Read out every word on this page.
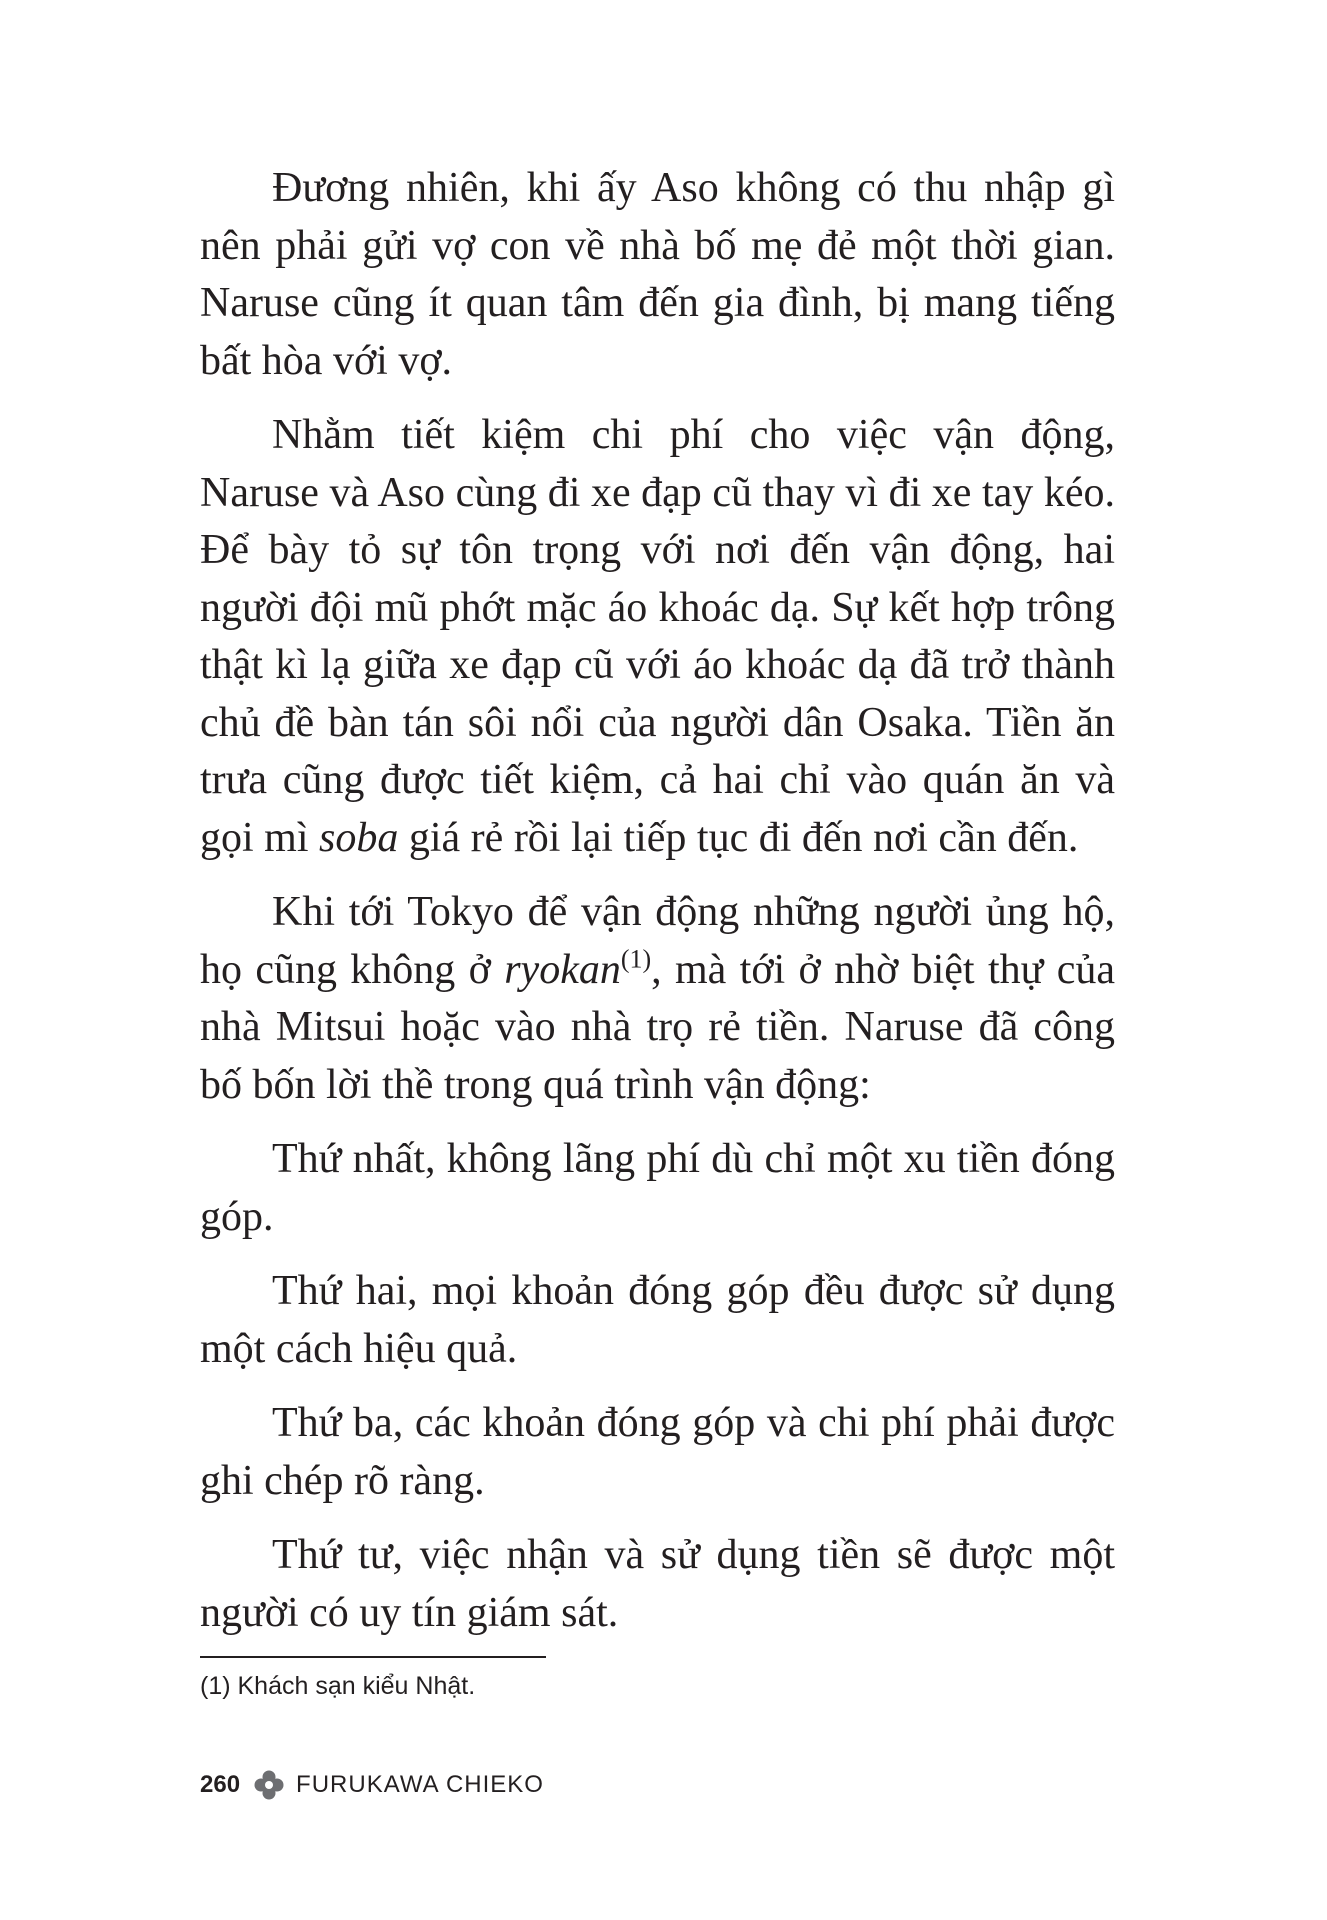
Đương nhiên, khi ấy Aso không có thu nhập gì nên phải gửi vợ con về nhà bố mẹ đẻ một thời gian. Naruse cũng ít quan tâm đến gia đình, bị mang tiếng bất hòa với vợ.

Nhằm tiết kiệm chi phí cho việc vận động, Naruse và Aso cùng đi xe đạp cũ thay vì đi xe tay kéo. Để bày tỏ sự tôn trọng với nơi đến vận động, hai người đội mũ phớt mặc áo khoác dạ. Sự kết hợp trông thật kì lạ giữa xe đạp cũ với áo khoác dạ đã trở thành chủ đề bàn tán sôi nổi của người dân Osaka. Tiền ăn trưa cũng được tiết kiệm, cả hai chỉ vào quán ăn và gọi mì soba giá rẻ rồi lại tiếp tục đi đến nơi cần đến.

Khi tới Tokyo để vận động những người ủng hộ, họ cũng không ở ryokan$^{(1)}$, mà tới ở nhờ biệt thự của nhà Mitsui hoặc vào nhà trọ rẻ tiền. Naruse đã công bố bốn lời thề trong quá trình vận động:

Thứ nhất, không lãng phí dù chỉ một xu tiền đóng góp.

Thứ hai, mọi khoản đóng góp đều được sử dụng một cách hiệu quả.

Thứ ba, các khoản đóng góp và chi phí phải được ghi chép rõ ràng.

Thứ tư, việc nhận và sử dụng tiền sẽ được một người có uy tín giám sát.

(1) Khách sạn kiểu Nhật.
260 FURUKAWA CHIEKO
